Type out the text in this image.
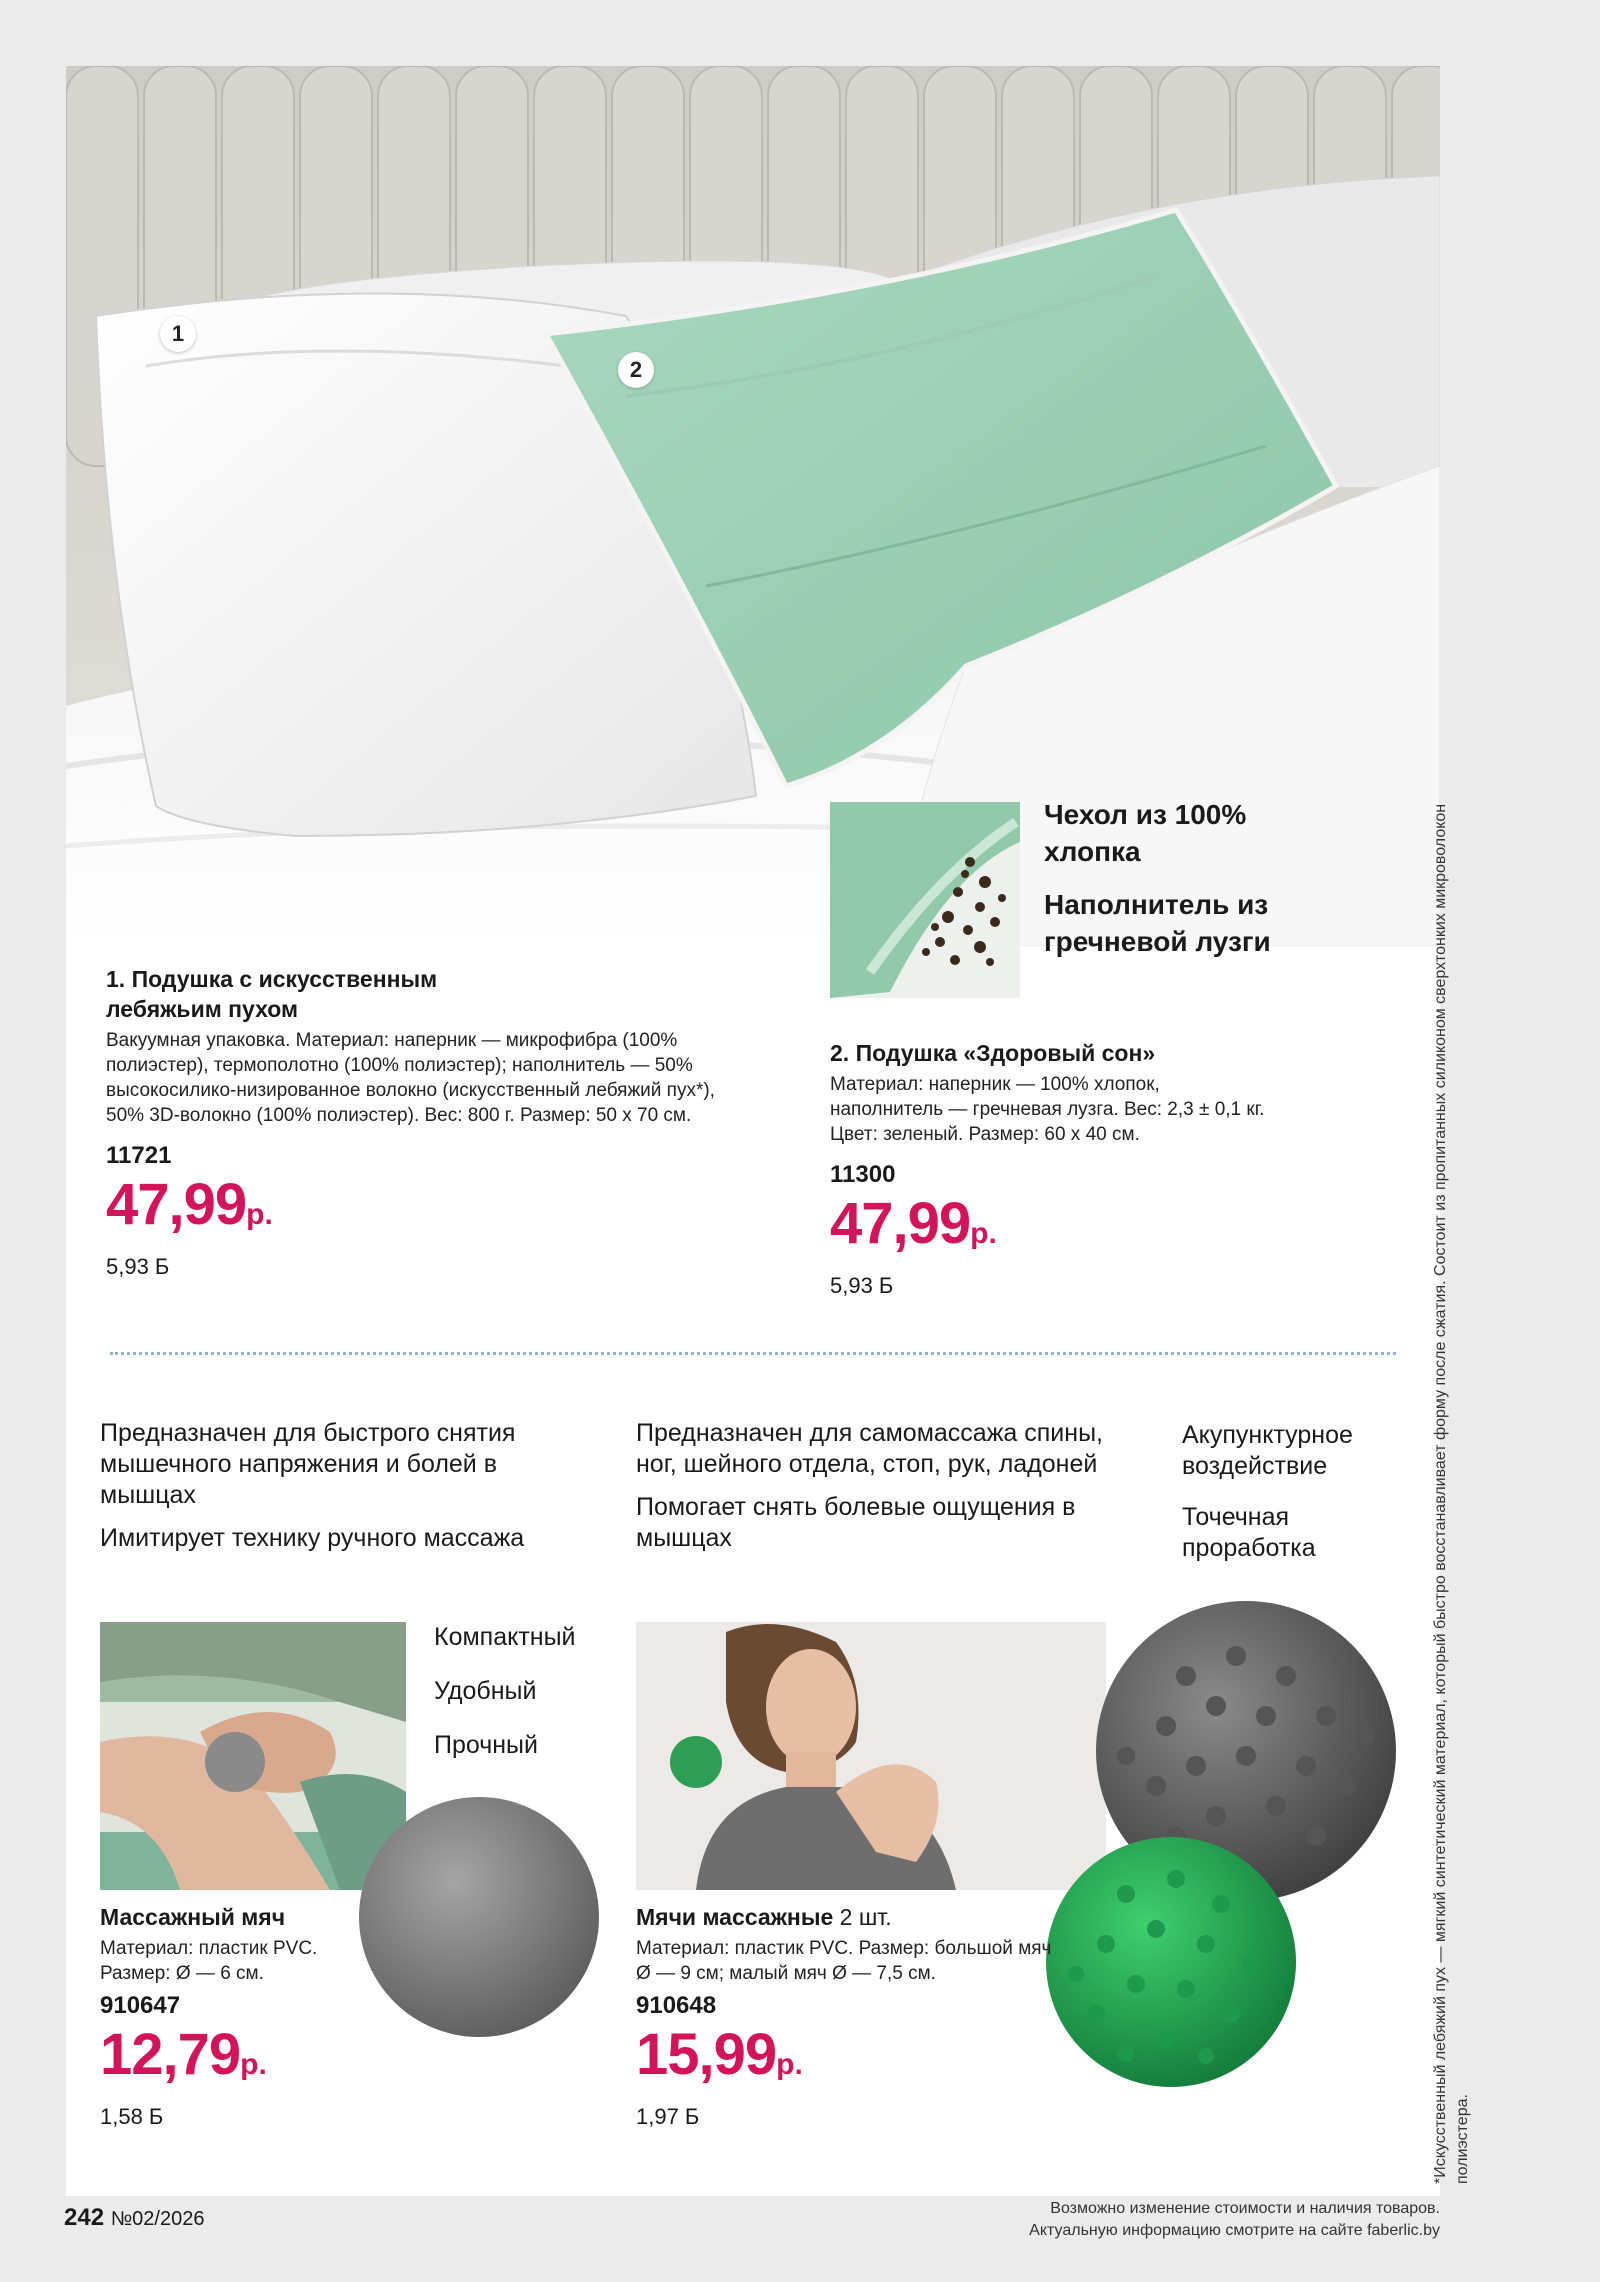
1
2

Чехол из 100% хлопка

Наполнитель из гречневой лузги

1. Подушка с искусственным лебяжьим пухом

Вакуумная упаковка. Материал: наперник — микрофибра (100% полиэстер), термополотно (100% полиэстер); наполнитель — 50% высокосилико-низированное волокно (искусственный лебяжий пух*), 50% 3D-волокно (100% полиэстер). Вес: 800 г. Размер: 50 х 70 см.

11721

47,99р.

5,93 Б

2. Подушка «Здоровый сон»

Материал: наперник — 100% хлопок, наполнитель — гречневая лузга. Вес: 2,3 ± 0,1 кг. Цвет: зеленый. Размер: 60 х 40 см.

11300

47,99р.

5,93 Б

Предназначен для быстрого снятия мышечного напряжения и болей в мышцах

Имитирует технику ручного массажа

Предназначен для самомассажа спины, ног, шейного отдела, стоп, рук, ладоней

Помогает снять болевые ощущения в мышцах

Акупунктурное воздействие

Точечная проработка

Компактный

Удобный

Прочный

Массажный мяч

Материал: пластик PVC. Размер: Ø — 6 см.

910647

12,79р.

1,58 Б

Мячи массажные 2 шт.

Материал: пластик PVC. Размер: большой мяч Ø — 9 см; малый мяч Ø — 7,5 см.

910648

15,99р.

1,97 Б

242 №02/2026	Возможно изменение стоимости и наличия товаров.
Актуальную информацию смотрите на сайте faberlic.by
*Искусственный лебяжий пух — мягкий синтетический материал, который быстро восстанавливает форму после сжатия. Состоит из пропитанных силиконом сверхтонких микроволокон полиэстера.
